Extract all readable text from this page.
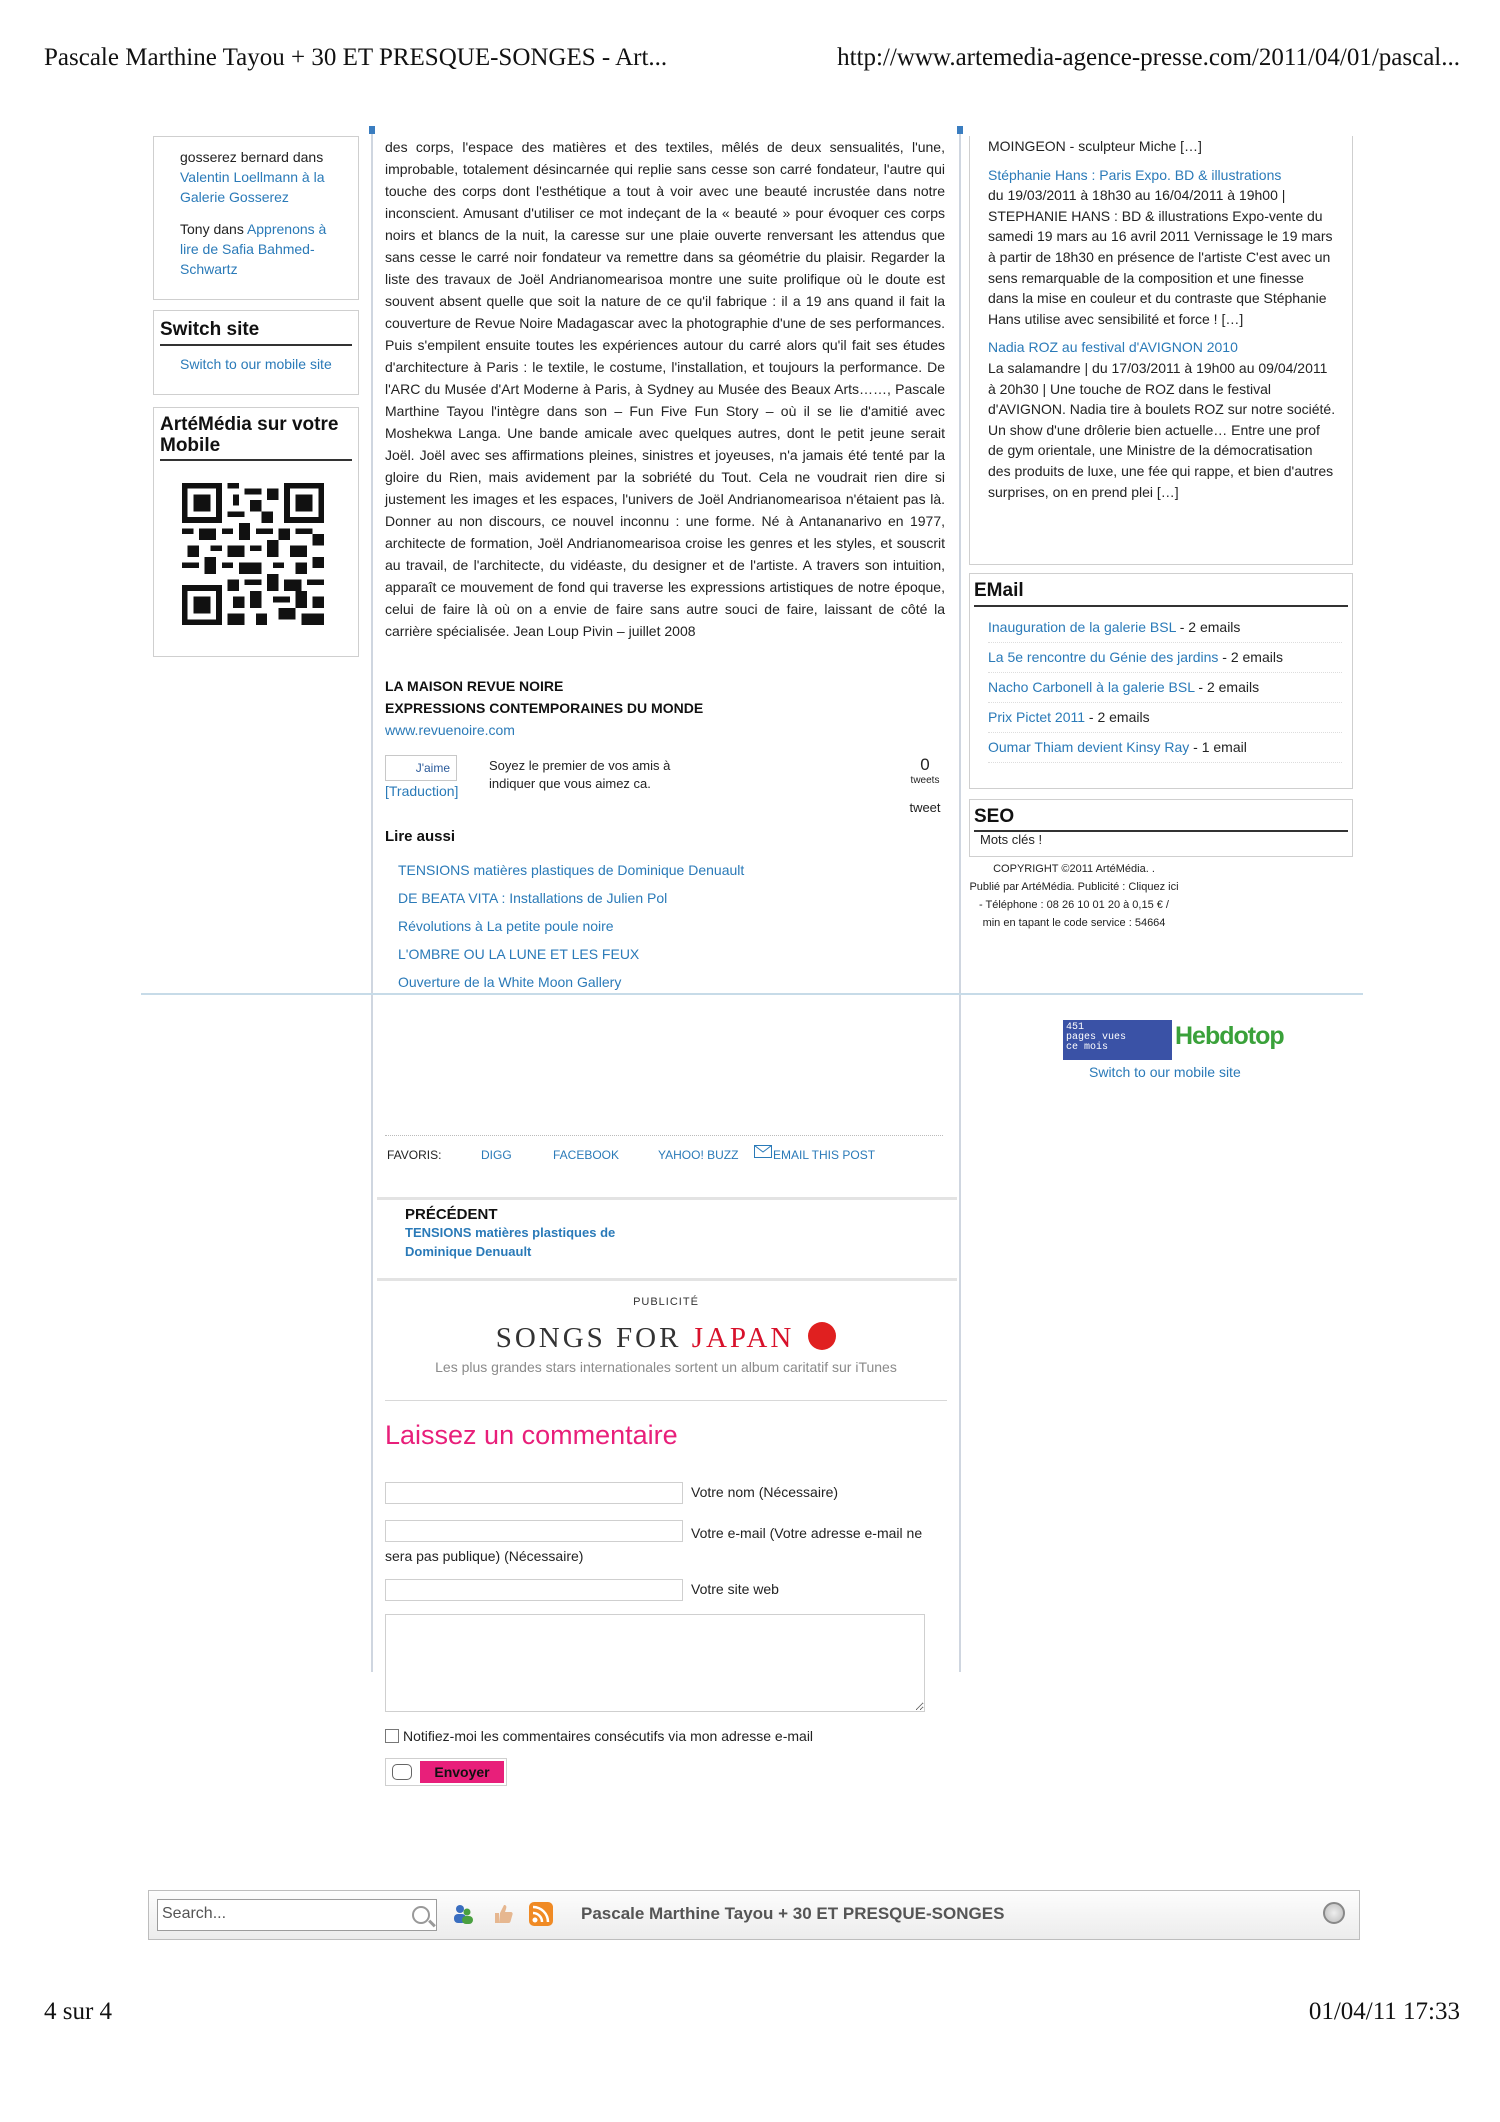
Pascale Marthine Tayou + 30 ET PRESQUE-SONGES - Art...	http://www.artemedia-agence-presse.com/2011/04/01/pascal...
gosserez bernard dans Valentin Loellmann à la Galerie Gosserez
Tony dans Apprenons à lire de Safia Bahmed-Schwartz
Switch site
Switch to our mobile site
ArtéMédia sur votre Mobile
des corps, l'espace des matières et des textiles, mêlés de deux sensualités, l'une, improbable, totalement désincarnée qui replie sans cesse son carré fondateur, l'autre qui touche des corps dont l'esthétique a tout à voir avec une beauté incrustée dans notre inconscient. Amusant d'utiliser ce mot indeçant de la « beauté » pour évoquer ces corps noirs et blancs de la nuit, la caresse sur une plaie ouverte renversant les attendus que sans cesse le carré noir fondateur va remettre dans sa géométrie du plaisir. Regarder la liste des travaux de Joël Andrianomearisoa montre une suite prolifique où le doute est souvent absent quelle que soit la nature de ce qu'il fabrique : il a 19 ans quand il fait la couverture de Revue Noire Madagascar avec la photographie d'une de ses performances. Puis s'empilent ensuite toutes les expériences autour du carré alors qu'il fait ses études d'architecture à Paris : le textile, le costume, l'installation, et toujours la performance. De l'ARC du Musée d'Art Moderne à Paris, à Sydney au Musée des Beaux Arts……, Pascale Marthine Tayou l'intègre dans son – Fun Five Fun Story – où il se lie d'amitié avec Moshekwa Langa. Une bande amicale avec quelques autres, dont le petit jeune serait Joël. Joël avec ses affirmations pleines, sinistres et joyeuses, n'a jamais été tenté par la gloire du Rien, mais avidement par la sobriété du Tout. Cela ne voudrait rien dire si justement les images et les espaces, l'univers de Joël Andrianomearisoa n'étaient pas là. Donner au non discours, ce nouvel inconnu : une forme. Né à Antananarivo en 1977, architecte de formation, Joël Andrianomearisoa croise les genres et les styles, et souscrit au travail, de l'architecte, du vidéaste, du designer et de l'artiste. A travers son intuition, apparaît ce mouvement de fond qui traverse les expressions artistiques de notre époque, celui de faire là où on a envie de faire sans autre souci de faire, laissant de côté la carrière spécialisée. Jean Loup Pivin – juillet 2008
LA MAISON REVUE NOIRE
EXPRESSIONS CONTEMPORAINES DU MONDE
www.revuenoire.com
J'aime
[Traduction]
Soyez le premier de vos amis à indiquer que vous aimez ca.
0
tweets
tweet
Lire aussi
TENSIONS matières plastiques de Dominique Denuault
DE BEATA VITA : Installations de Julien Pol
Révolutions à La petite poule noire
L'OMBRE OU LA LUNE ET LES FEUX
Ouverture de la White Moon Gallery
FAVORIS:	DIGG	FACEBOOK	YAHOO! BUZZ	EMAIL THIS POST
PRÉCÉDENT
TENSIONS matières plastiques de Dominique Denuault
PUBLICITÉ
SONGS FOR JAPAN
Les plus grandes stars internationales sortent un album caritatif sur iTunes
Laissez un commentaire
Votre nom (Nécessaire)
Votre e-mail (Votre adresse e-mail ne sera pas publique) (Nécessaire)
Votre site web
Notifiez-moi les commentaires consécutifs via mon adresse e-mail
Envoyer
MOINGEON - sculpteur Miche […]
Stéphanie Hans : Paris Expo. BD & illustrations
du 19/03/2011 à 18h30 au 16/04/2011 à 19h00 | STEPHANIE HANS : BD & illustrations Expo-vente du samedi 19 mars au 16 avril 2011 Vernissage le 19 mars à partir de 18h30 en présence de l'artiste C'est avec un sens remarquable de la composition et une finesse dans la mise en couleur et du contraste que Stéphanie Hans utilise avec sensibilité et force ! […]
Nadia ROZ au festival d'AVIGNON 2010
La salamandre | du 17/03/2011 à 19h00 au 09/04/2011 à 20h30 | Une touche de ROZ dans le festival d'AVIGNON. Nadia tire à boulets ROZ sur notre société. Un show d'une drôlerie bien actuelle… Entre une prof de gym orientale, une Ministre de la démocratisation des produits de luxe, une fée qui rappe, et bien d'autres surprises, on en prend plei […]
EMail
Inauguration de la galerie BSL - 2 emails
La 5e rencontre du Génie des jardins - 2 emails
Nacho Carbonell à la galerie BSL - 2 emails
Prix Pictet 2011 - 2 emails
Oumar Thiam devient Kinsy Ray - 1 email
SEO
Mots clés !
COPYRIGHT ©2011 ArtéMédia. .
Publié par ArtéMédia. Publicité : Cliquez ici - Téléphone : 08 26 10 01 20 à 0,15 € / min en tapant le code service : 54664
451
pages vues
ce mois	Hebdotop
Switch to our mobile site
Search...	Pascale Marthine Tayou + 30 ET PRESQUE-SONGES
4 sur 4	01/04/11 17:33
